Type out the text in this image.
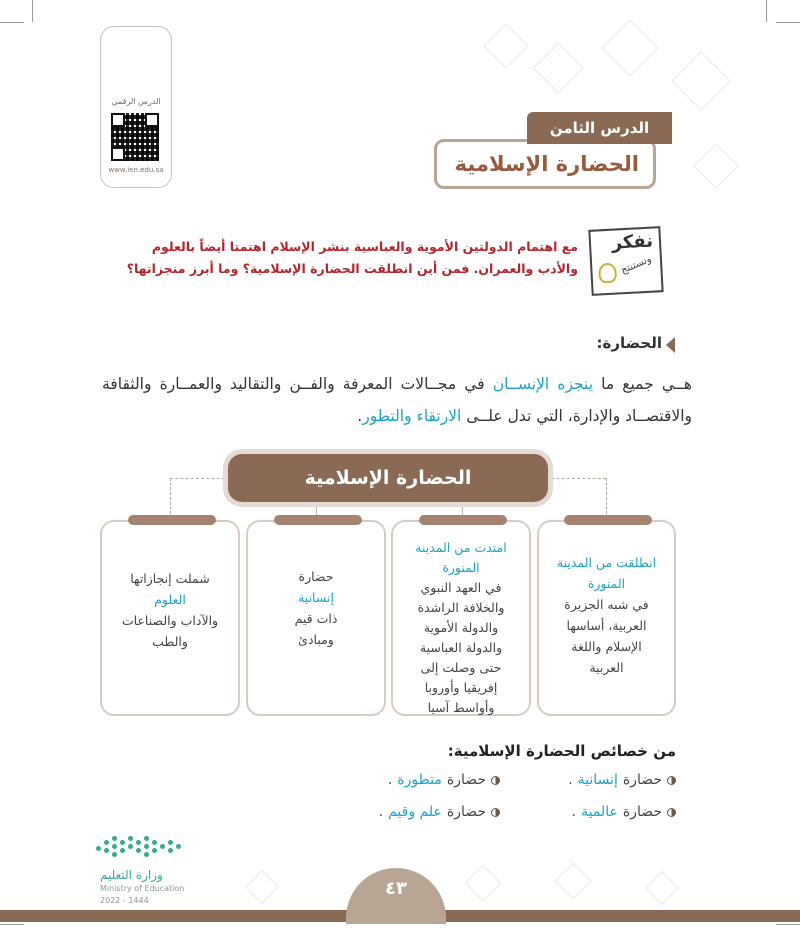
الدرس الرقمي
www.ien.edu.sa	الحضارة الإسلامية
الدرس الثامن
نفكر
ونستنتج
مع اهتمام الدولتين الأموية والعباسية بنشر الإسلام اهتمتا أيضاً بالعلوم والأدب والعمران. فمن أين انطلقت الحضارة الإسلامية؟ وما أبرز منجزاتها؟
الحضارة:
هــي جميع ما ينجزه الإنســان في مجــالات المعرفة والفــن والتقاليد والعمــارة والثقافة والاقتصــاد والإدارة، التي تدل علــى الارتقاء والتطور.
الحضارة الإسلامية
انطلقت من المدينة المنورة
في شبه الجزيرة العربية، أساسها الإسلام واللغة العربية
امتدت من المدينة المنورة
في العهد النبوي والخلافة الراشدة والدولة الأموية والدولة العباسية حتى وصلت إلى إفريقيا وأوروبا وأواسط آسيا
حضارة
إنسانية
ذات قيم ومبادئ
شملت إنجازاتها
العلوم
والآداب والصناعات والطب
من خصائص الحضارة الإسلامية:
حضارة
إنسانية
.
حضارة
متطورة
.
حضارة
عالمية
.
حضارة
علم وقيم
.
وزارة التعليم
Ministry of Education
2022 - 1444
٤٣
